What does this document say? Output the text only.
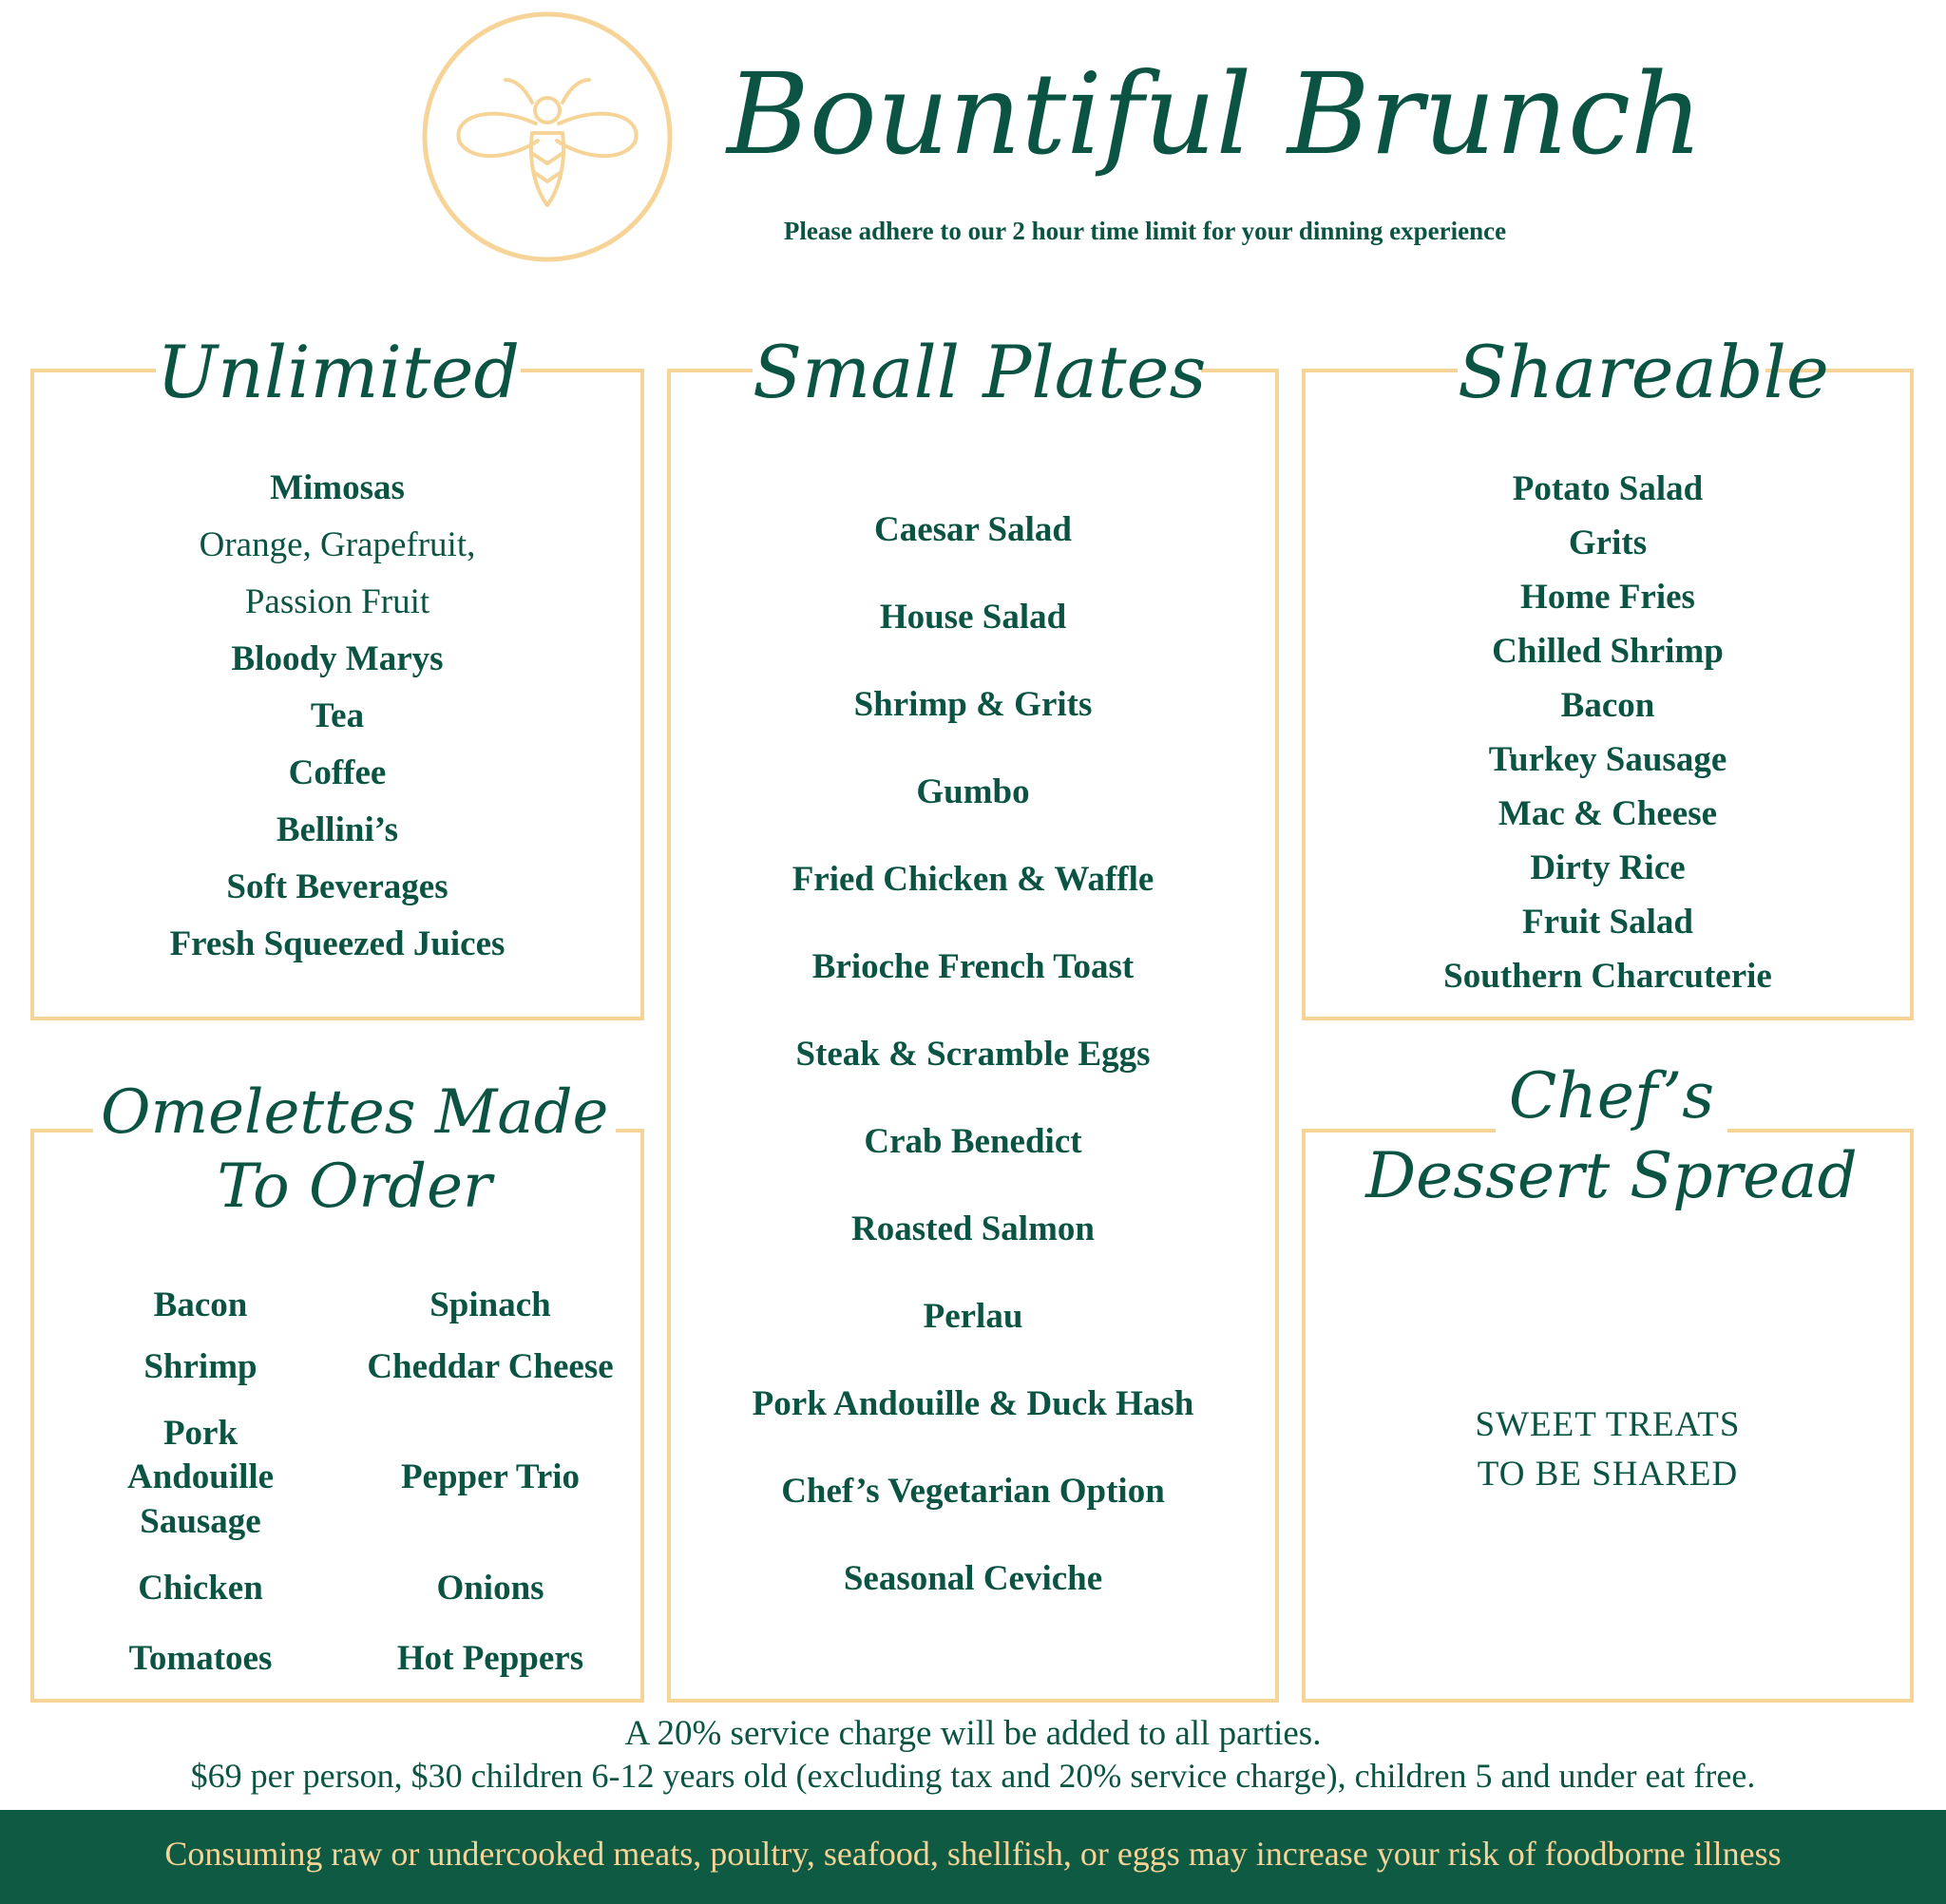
Bountiful Brunch
Please adhere to our 2 hour time limit for your dinning experience
Unlimited
Mimosas
Orange, Grapefruit,
Passion Fruit
Bloody Marys
Tea
Coffee
Bellini’s
Soft Beverages
Fresh Squeezed Juices
Small Plates
Caesar Salad
House Salad
Shrimp & Grits
Gumbo
Fried Chicken & Waffle
Brioche French Toast
Steak & Scramble Eggs
Crab Benedict
Roasted Salmon
Perlau
Pork Andouille & Duck Hash
Chef’s Vegetarian Option
Seasonal Ceviche
Shareable
Potato Salad
Grits
Home Fries
Chilled Shrimp
Bacon
Turkey Sausage
Mac & Cheese
Dirty Rice
Fruit Salad
Southern Charcuterie
Omelettes Made
To Order
Bacon
Shrimp
Pork
Andouille
Sausage
Chicken
Tomatoes
Spinach
Cheddar Cheese
Pepper Trio
Onions
Hot Peppers
Chef’s
Dessert Spread
SWEET TREATS
TO BE SHARED
A 20% service charge will be added to all parties.
$69 per person, $30 children 6-12 years old (excluding tax and 20% service charge), children 5 and under eat free.
Consuming raw or undercooked meats, poultry, seafood, shellfish, or eggs may increase your risk of foodborne illness
